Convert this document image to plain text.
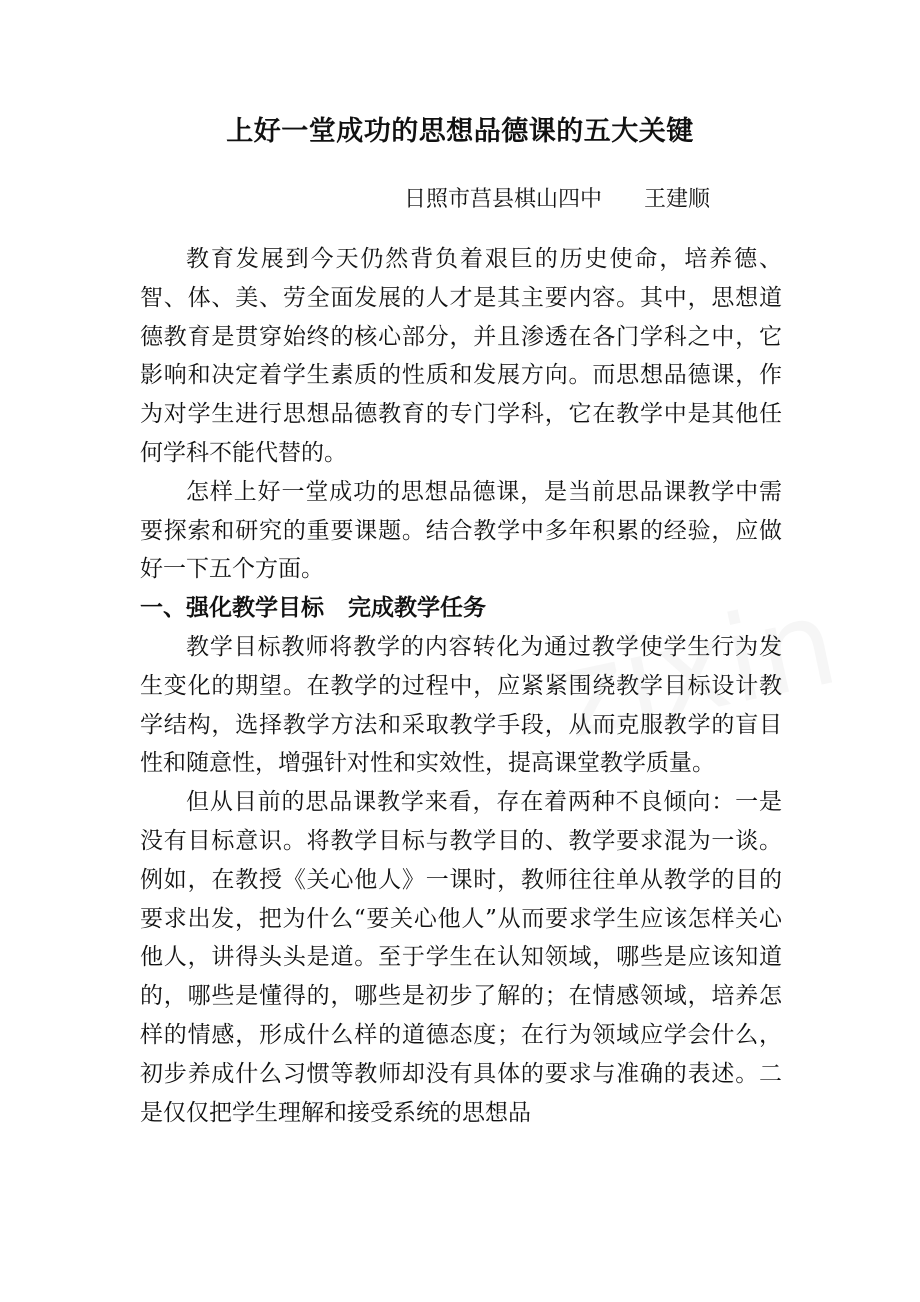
上好一堂成功的思想品德课的五大关键
日照市莒县棋山四中      王建顺

教育发展到今天仍然背负着艰巨的历史使命，培养德、智、体、美、劳全面发展的人才是其主要内容。其中，思想道德教育是贯穿始终的核心部分，并且渗透在各门学科之中，它影响和决定着学生素质的性质和发展方向。而思想品德课，作为对学生进行思想品德教育的专门学科，它在教学中是其他任何学科不能代替的。

怎样上好一堂成功的思想品德课，是当前思品课教学中需要探索和研究的重要课题。结合教学中多年积累的经验，应做好一下五个方面。

一、强化教学目标   完成教学任务

教学目标教师将教学的内容转化为通过教学使学生行为发生变化的期望。在教学的过程中，应紧紧围绕教学目标设计教学结构，选择教学方法和采取教学手段，从而克服教学的盲目性和随意性，增强针对性和实效性，提高课堂教学质量。

但从目前的思品课教学来看，存在着两种不良倾向：一是没有目标意识。将教学目标与教学目的、教学要求混为一谈。例如，在教授《关心他人》一课时，教师往往单从教学的目的要求出发，把为什么“要关心他人”从而要求学生应该怎样关心他人，讲得头头是道。至于学生在认知领域，哪些是应该知道的，哪些是懂得的，哪些是初步了解的；在情感领域，培养怎样的情感，形成什么样的道德态度；在行为领域应学会什么，初步养成什么习惯等教师却没有具体的要求与准确的表述。二是仅仅把学生理解和接受系统的思想品
